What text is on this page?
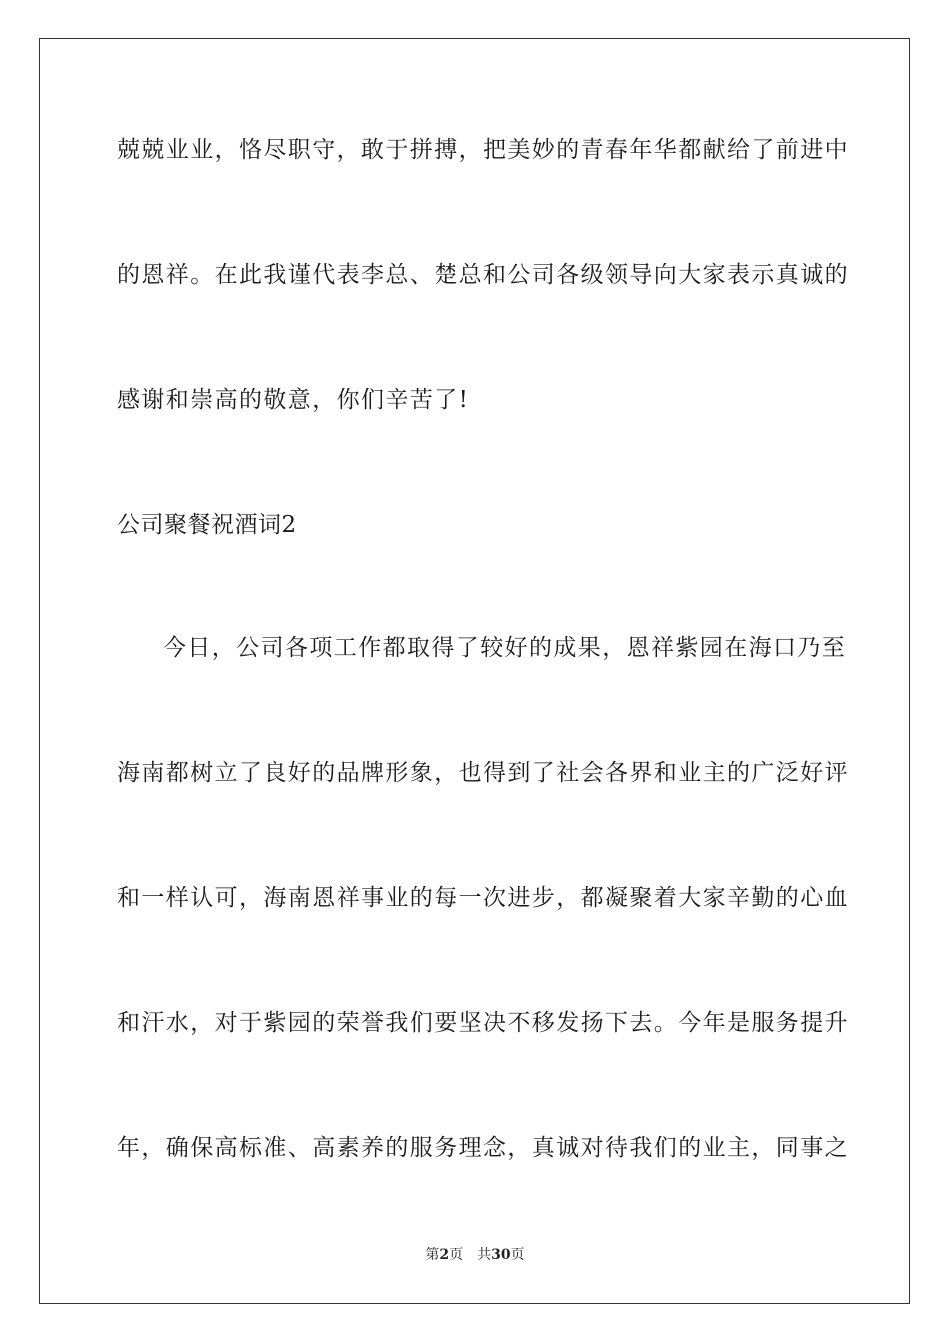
兢兢业业，恪尽职守，敢于拼搏，把美妙的青春年华都献给了前进中
的恩祥。在此我谨代表李总、楚总和公司各级领导向大家表示真诚的
感谢和崇高的敬意，你们辛苦了!
公司聚餐祝酒词2
今日，公司各项工作都取得了较好的成果，恩祥紫园在海口乃至
海南都树立了良好的品牌形象，也得到了社会各界和业主的广泛好评
和一样认可，海南恩祥事业的每一次进步，都凝聚着大家辛勤的心血
和汗水，对于紫园的荣誉我们要坚决不移发扬下去。今年是服务提升
年，确保高标准、高素养的服务理念，真诚对待我们的业主，同事之
第2页 共30页
